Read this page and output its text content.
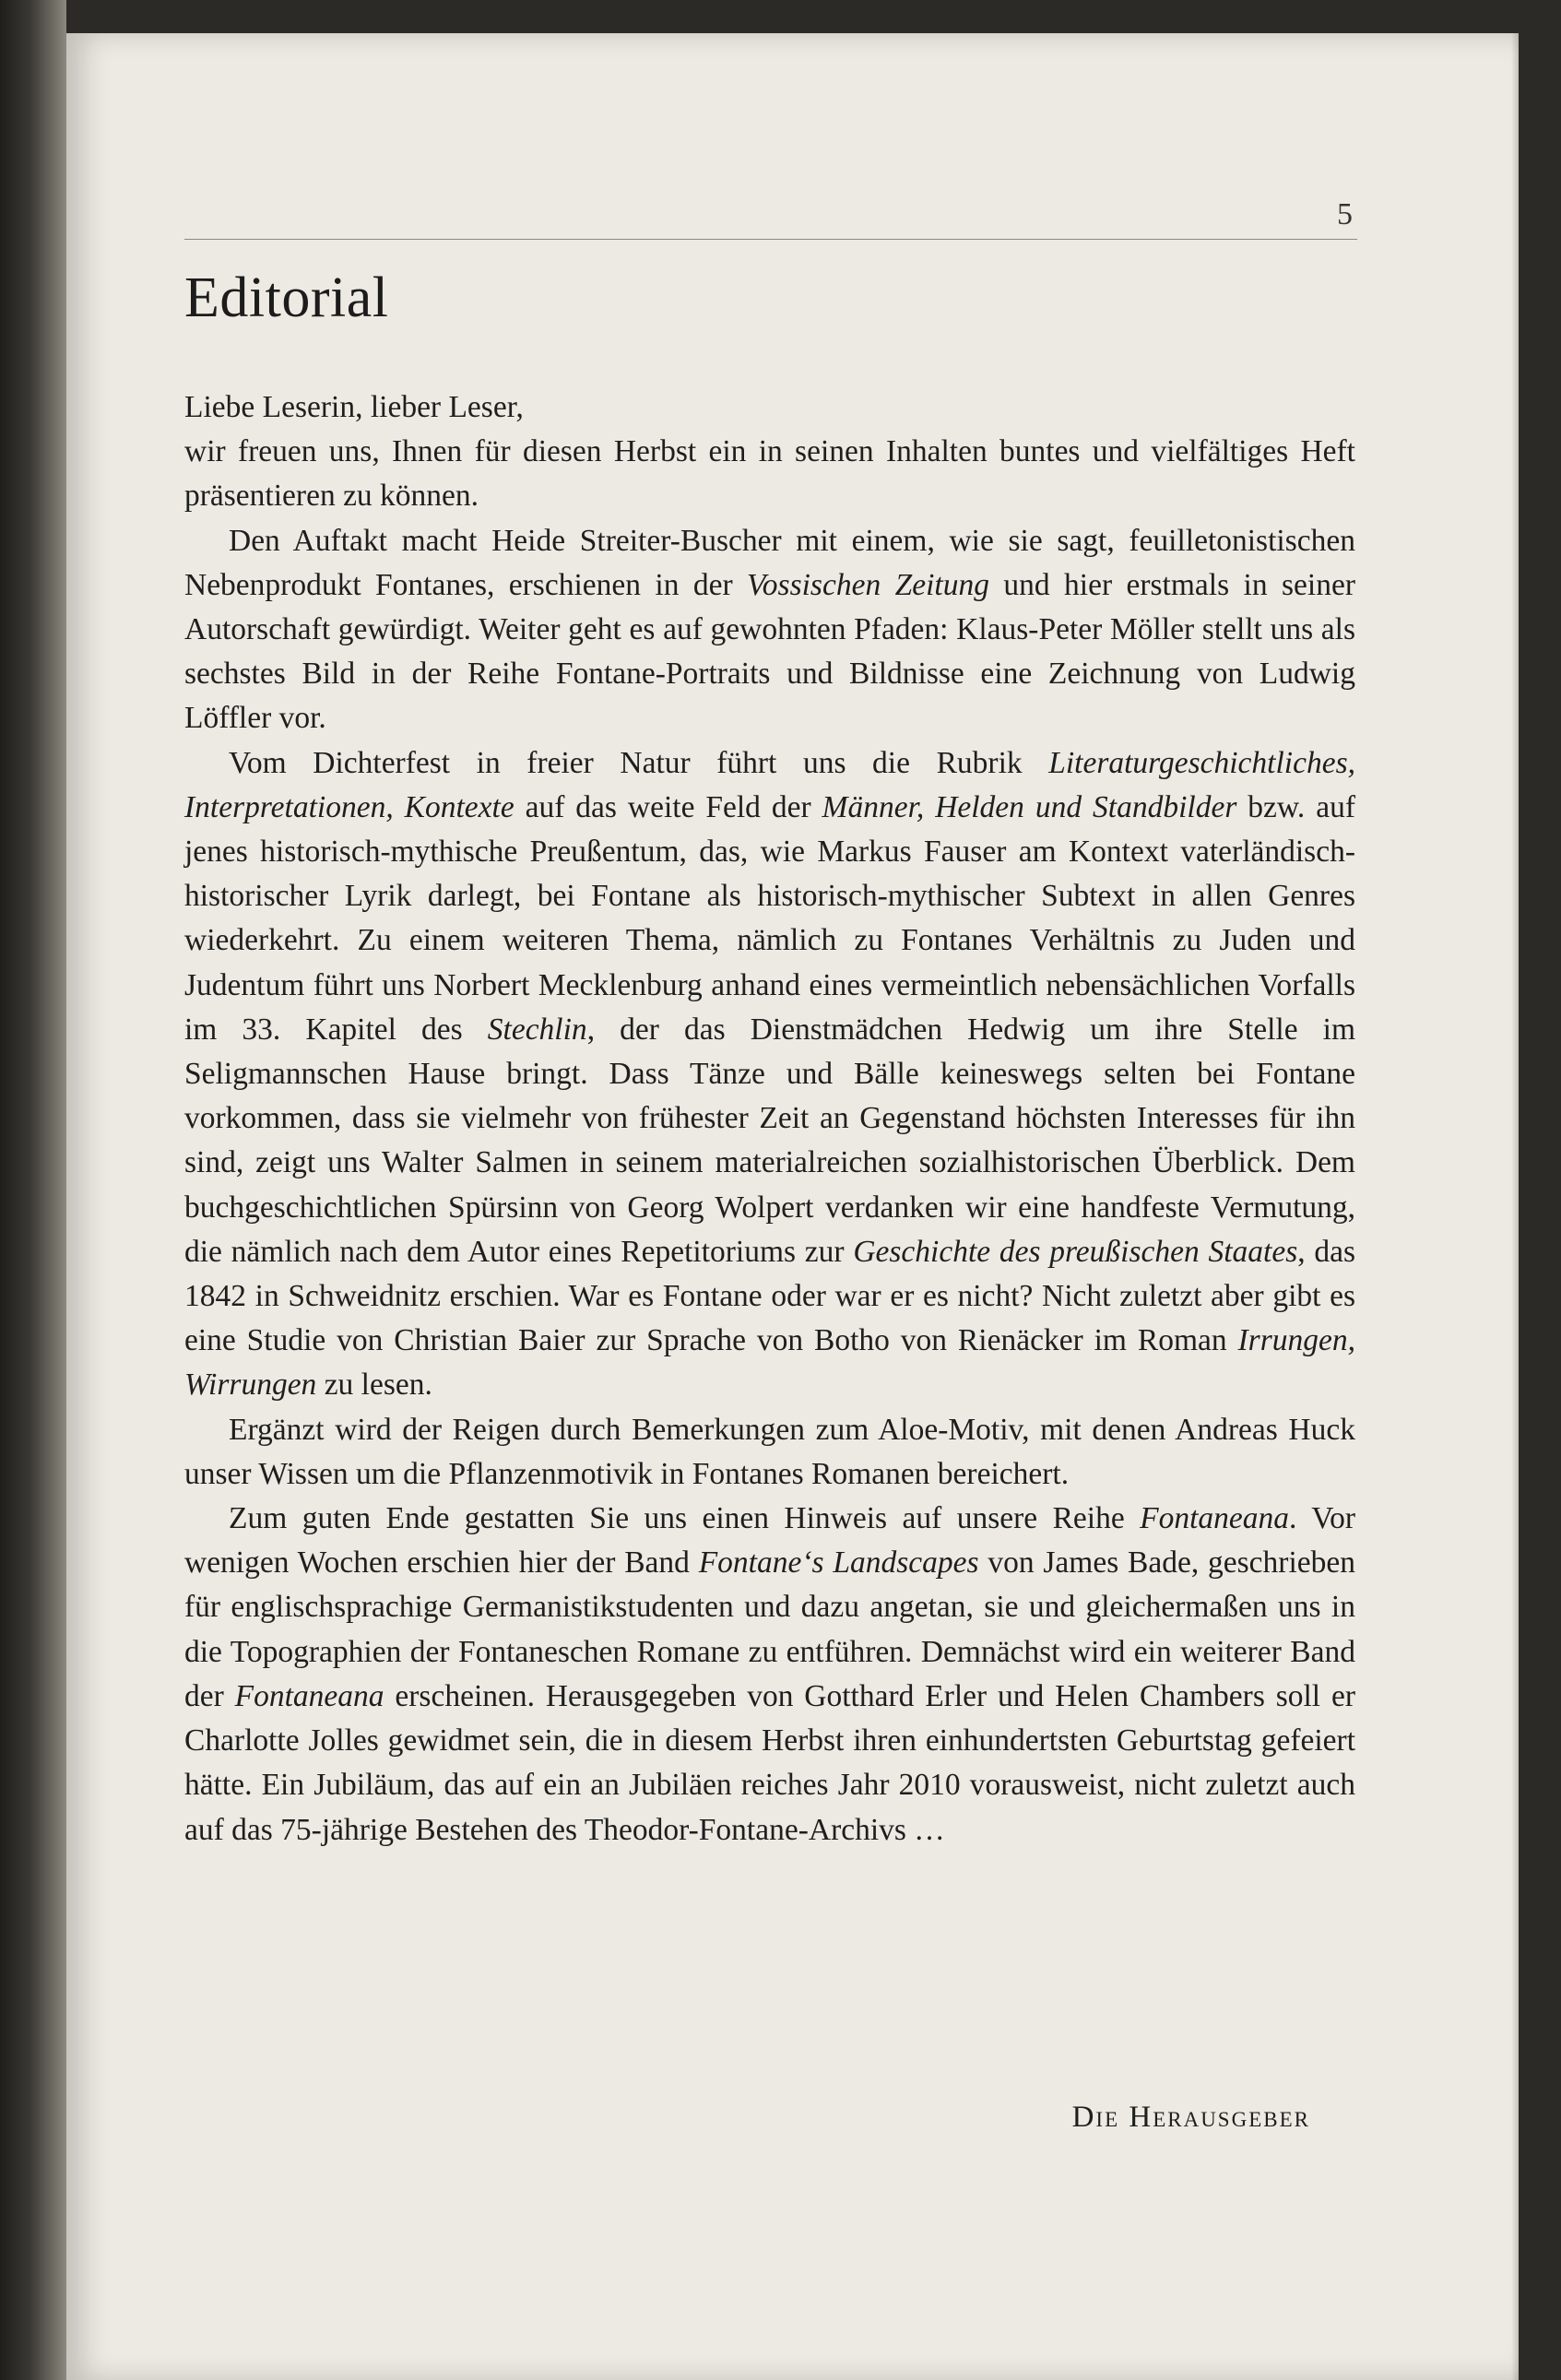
5
Editorial

Liebe Leserin, lieber Leser,

wir freuen uns, Ihnen für diesen Herbst ein in seinen Inhalten buntes und vielfältiges Heft präsentieren zu können.

Den Auftakt macht Heide Streiter-Buscher mit einem, wie sie sagt, feuilletonistischen Nebenprodukt Fontanes, erschienen in der Vossischen Zeitung und hier erstmals in seiner Autorschaft gewürdigt. Weiter geht es auf gewohnten Pfaden: Klaus-Peter Möller stellt uns als sechstes Bild in der Reihe Fontane-Portraits und Bildnisse eine Zeichnung von Ludwig Löffler vor.

Vom Dichterfest in freier Natur führt uns die Rubrik Literaturgeschichtliches, Interpretationen, Kontexte auf das weite Feld der Männer, Helden und Standbilder bzw. auf jenes historisch-mythische Preußentum, das, wie Markus Fauser am Kontext vaterländisch-historischer Lyrik darlegt, bei Fontane als historisch-mythischer Subtext in allen Genres wiederkehrt. Zu einem weiteren Thema, nämlich zu Fontanes Verhältnis zu Juden und Judentum führt uns Norbert Mecklenburg anhand eines vermeintlich nebensächlichen Vorfalls im 33. Kapitel des Stechlin, der das Dienstmädchen Hedwig um ihre Stelle im Seligmannschen Hause bringt. Dass Tänze und Bälle keineswegs selten bei Fontane vorkommen, dass sie vielmehr von frühester Zeit an Gegenstand höchsten Interesses für ihn sind, zeigt uns Walter Salmen in seinem materialreichen sozialhistorischen Überblick. Dem buchgeschichtlichen Spürsinn von Georg Wolpert verdanken wir eine handfeste Vermutung, die nämlich nach dem Autor eines Repetitoriums zur Geschichte des preußischen Staates, das 1842 in Schweidnitz erschien. War es Fontane oder war er es nicht? Nicht zuletzt aber gibt es eine Studie von Christian Baier zur Sprache von Botho von Rienäcker im Roman Irrungen, Wirrungen zu lesen.

Ergänzt wird der Reigen durch Bemerkungen zum Aloe-Motiv, mit denen Andreas Huck unser Wissen um die Pflanzenmotivik in Fontanes Romanen bereichert.

Zum guten Ende gestatten Sie uns einen Hinweis auf unsere Reihe Fontaneana. Vor wenigen Wochen erschien hier der Band Fontane‘s Landscapes von James Bade, geschrieben für englischsprachige Germanistikstudenten und dazu angetan, sie und gleichermaßen uns in die Topographien der Fontaneschen Romane zu entführen. Demnächst wird ein weiterer Band der Fontaneana erscheinen. Herausgegeben von Gotthard Erler und Helen Chambers soll er Charlotte Jolles gewidmet sein, die in diesem Herbst ihren einhundertsten Geburtstag gefeiert hätte. Ein Jubiläum, das auf ein an Jubiläen reiches Jahr 2010 vorausweist, nicht zuletzt auch auf das 75-jährige Bestehen des Theodor-Fontane-Archivs …

Die Herausgeber
